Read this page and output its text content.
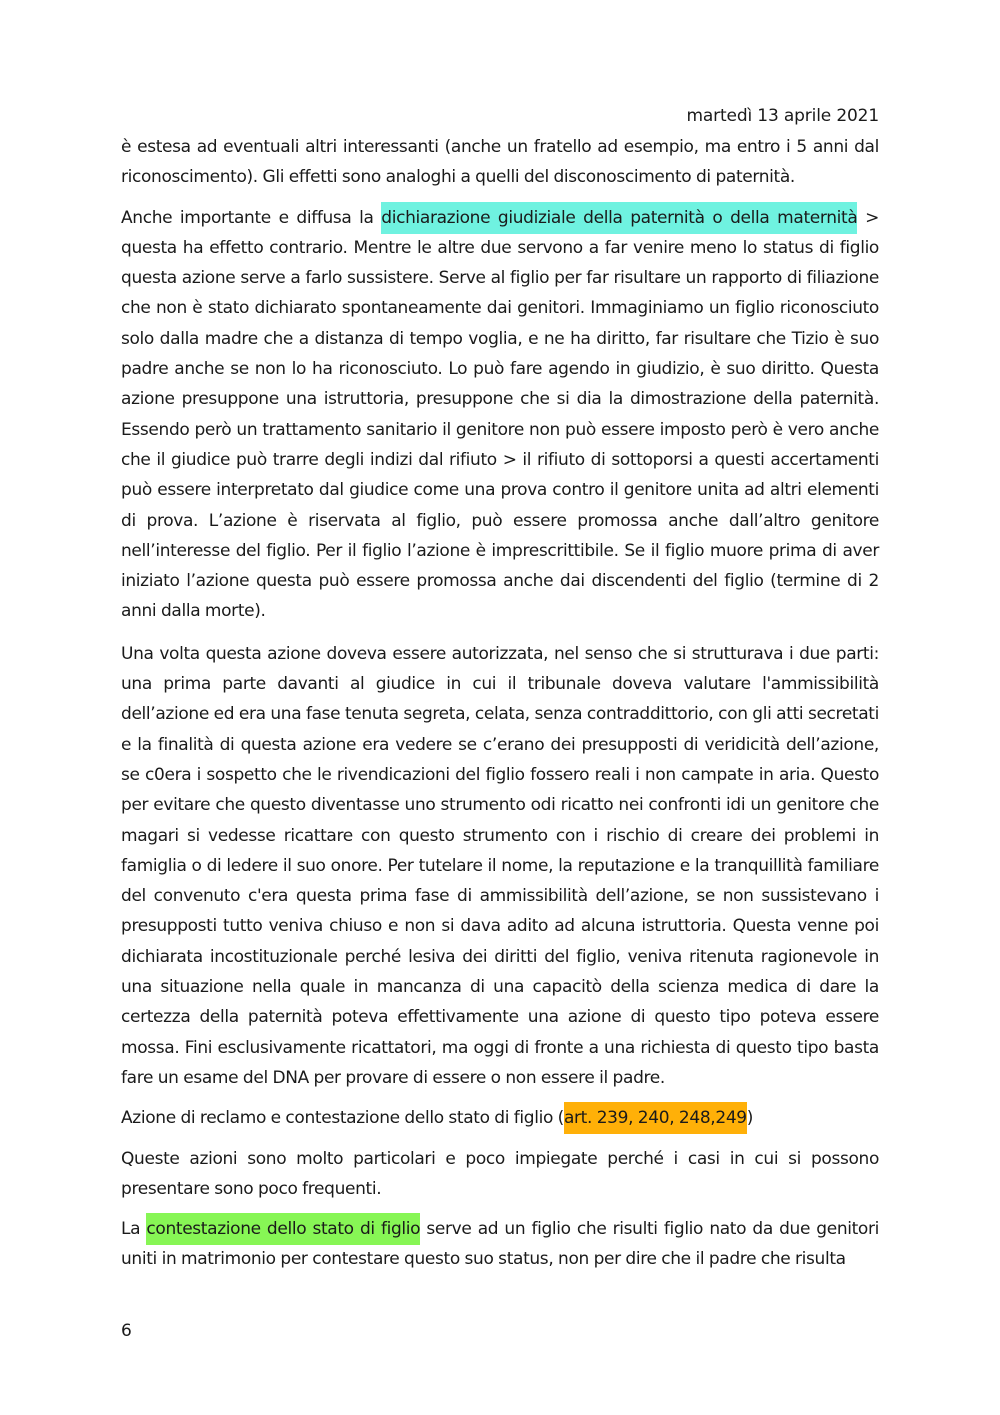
martedì 13 aprile 2021

è estesa ad eventuali altri interessanti (anche un fratello ad esempio, ma entro i 5 anni dal riconoscimento). Gli effetti sono analoghi a quelli del disconoscimento di paternità.

Anche importante e diffusa la dichiarazione giudiziale della paternità o della maternità > questa ha effetto contrario. Mentre le altre due servono a far venire meno lo status di figlio questa azione serve a farlo sussistere. Serve al figlio per far risultare un rapporto di filiazione che non è stato dichiarato spontaneamente dai genitori. Immaginiamo un figlio riconosciuto solo dalla madre che a distanza di tempo voglia, e ne ha diritto, far risultare che Tizio è suo padre anche se non lo ha riconosciuto. Lo può fare agendo in giudizio, è suo diritto. Questa azione presuppone una istruttoria, presuppone che si dia la dimostrazione della paternità. Essendo però un trattamento sanitario il genitore non può essere imposto però è vero anche che il giudice può trarre degli indizi dal rifiuto > il rifiuto di sottoporsi a questi accertamenti può essere interpretato dal giudice come una prova contro il genitore unita ad altri elementi di prova. L’azione è riservata al figlio, può essere promossa anche dall’altro genitore nell’interesse del figlio. Per il figlio l’azione è imprescrittibile. Se il figlio muore prima di aver iniziato l’azione questa può essere promossa anche dai discendenti del figlio (termine di 2 anni dalla morte).

Una volta questa azione doveva essere autorizzata, nel senso che si strutturava i due parti: una prima parte davanti al giudice in cui il tribunale doveva valutare l'ammissibilità dell’azione ed era una fase tenuta segreta, celata, senza contraddittorio, con gli atti secretati e la finalità di questa azione era vedere se c’erano dei presupposti di veridicità dell’azione, se c0era i sospetto che le rivendicazioni del figlio fossero reali i non campate in aria. Questo per evitare che questo diventasse uno strumento odi ricatto nei confronti idi un genitore che magari si vedesse ricattare con questo strumento con i rischio di creare dei problemi in famiglia o di ledere il suo onore. Per tutelare il nome, la reputazione e la tranquillità familiare del convenuto c'era questa prima fase di ammissibilità dell’azione, se non sussistevano i presupposti tutto veniva chiuso e non si dava adito ad alcuna istruttoria. Questa venne poi dichiarata incostituzionale perché lesiva dei diritti del figlio, veniva ritenuta ragionevole in una situazione nella quale in mancanza di una capacitò della scienza medica di dare la certezza della paternità poteva effettivamente una azione di questo tipo poteva essere mossa. Fini esclusivamente ricattatori, ma oggi di fronte a una richiesta di questo tipo basta fare un esame del DNA per provare di essere o non essere il padre.

Azione di reclamo e contestazione dello stato di figlio (art. 239, 240, 248,249)

Queste azioni sono molto particolari e poco impiegate perché i casi in cui si possono presentare sono poco frequenti.

La contestazione dello stato di figlio serve ad un figlio che risulti figlio nato da due genitori uniti in matrimonio per contestare questo suo status, non per dire che il padre che risulta

6
